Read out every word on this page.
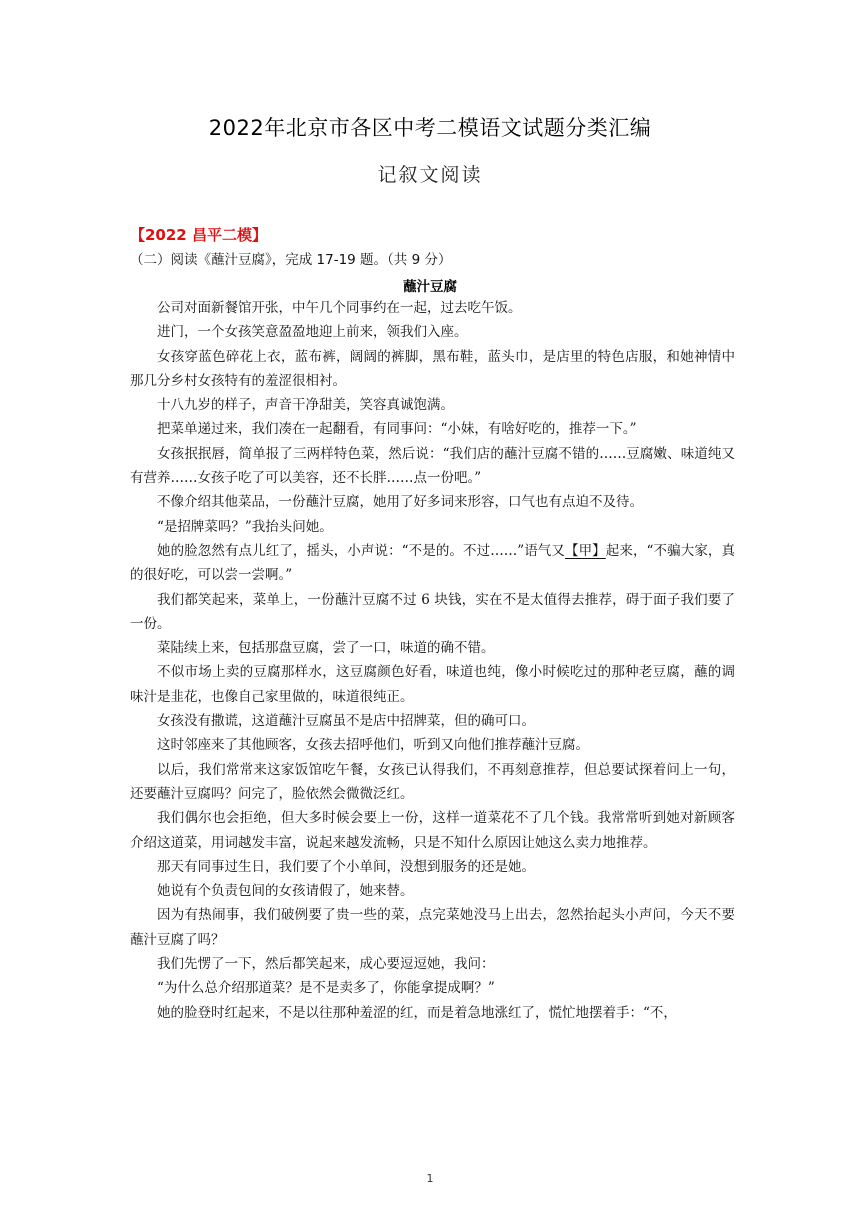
2022年北京市各区中考二模语文试题分类汇编
记叙文阅读
【2022 昌平二模】
（二）阅读《蘸汁豆腐》，完成 17-19 题。（共 9 分）
蘸汁豆腐

公司对面新餐馆开张，中午几个同事约在一起，过去吃午饭。

进门，一个女孩笑意盈盈地迎上前来，领我们入座。

女孩穿蓝色碎花上衣，蓝布裤，阔阔的裤脚，黑布鞋，蓝头巾，是店里的特色店服，和她神情中那几分乡村女孩特有的羞涩很相衬。

十八九岁的样子，声音干净甜美，笑容真诚饱满。

把菜单递过来，我们凑在一起翻看，有同事问：“小妹，有啥好吃的，推荐一下。”

女孩抿抿唇，简单报了三两样特色菜，然后说：“我们店的蘸汁豆腐不错的……豆腐嫩、味道纯又有营养……女孩子吃了可以美容，还不长胖……点一份吧。”

不像介绍其他菜品，一份蘸汁豆腐，她用了好多词来形容，口气也有点迫不及待。

“是招牌菜吗？”我抬头问她。

她的脸忽然有点儿红了，摇头，小声说：“不是的。不过……”语气又【甲】起来，“不骗大家，真的很好吃，可以尝一尝啊。”

我们都笑起来，菜单上，一份蘸汁豆腐不过 6 块钱，实在不是太值得去推荐，碍于面子我们要了一份。

菜陆续上来，包括那盘豆腐，尝了一口，味道的确不错。

不似市场上卖的豆腐那样水，这豆腐颜色好看，味道也纯，像小时候吃过的那种老豆腐，蘸的调味汁是韭花，也像自己家里做的，味道很纯正。

女孩没有撒谎，这道蘸汁豆腐虽不是店中招牌菜，但的确可口。

这时邻座来了其他顾客，女孩去招呼他们，听到又向他们推荐蘸汁豆腐。

以后，我们常常来这家饭馆吃午餐，女孩已认得我们，不再刻意推荐，但总要试探着问上一句，还要蘸汁豆腐吗？问完了，脸依然会微微泛红。

我们偶尔也会拒绝，但大多时候会要上一份，这样一道菜花不了几个钱。我常常听到她对新顾客介绍这道菜，用词越发丰富，说起来越发流畅，只是不知什么原因让她这么卖力地推荐。

那天有同事过生日，我们要了个小单间，没想到服务的还是她。

她说有个负责包间的女孩请假了，她来替。

因为有热闹事，我们破例要了贵一些的菜，点完菜她没马上出去，忽然抬起头小声问，今天不要蘸汁豆腐了吗？

我们先愣了一下，然后都笑起来，成心要逗逗她，我问：

“为什么总介绍那道菜？是不是卖多了，你能拿提成啊？”

她的脸登时红起来，不是以往那种羞涩的红，而是着急地涨红了，慌忙地摆着手：“不，

1
